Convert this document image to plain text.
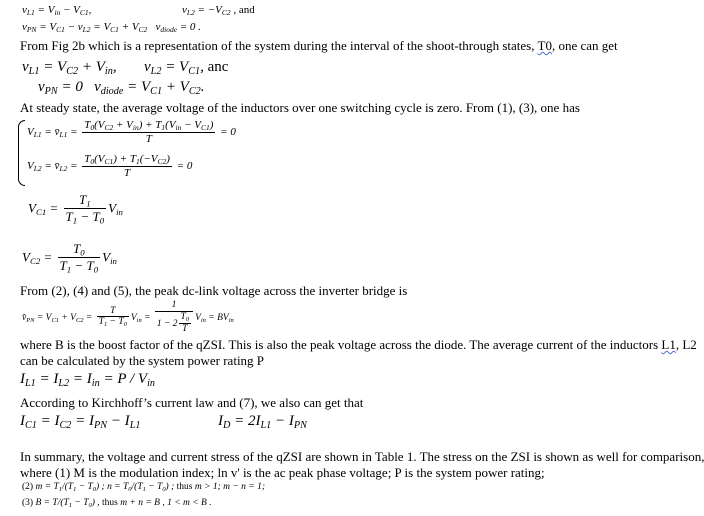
$v_{L1} = V_{in} - V_{C1}$,	$v_{L2} = -V_{C2}$ , and
$v_{PN} = V_{C1} - v_{L2} = V_{C1} + V_{C2}$   $v_{diode} = 0$ .
From Fig 2b which is a representation of the system during the interval of the shoot-through states, T0, one can get
$v_{L1} = V_{C2} + V_{in}$, $v_{L2} = V_{C1}$, anc
$v_{PN} = 0$   $v_{diode} = V_{C1} + V_{C2}$.
At steady state, the average voltage of the inductors over one switching cycle is zero. From (1), (3), one has
$V_{L1}$ = $v̄_{L1} = \frac{T_0(V_{C2} + V_{in}) + T_1(V_{in} - V_{C1})}{T} = 0$
$V_{L2}$ = $v̄_{L2} = \frac{T_0(V_{C1}) + T_1(-V_{C2})}{T} = 0$
$V_{C1} = \frac{T_1}{T_1 - T_0} V_{in}$
$V_{C2} = \frac{T_0}{T_1 - T_0} V_{in}$
From (2), (4) and (5), the peak dc-link voltage across the inverter bridge is
$v̂_{PN} = V_{C1} + V_{C2} = \frac{T}{T_1 - T_0} V_{in} = \frac{1}{1 - 2 \frac{T_0}{T}} V_{in} = BV_{in}$
where B is the boost factor of the qZSI. This is also the peak voltage across the diode. The average current of the inductors L1, L2
can be calculated by the system power rating P
$I_{L1} = I_{L2} = I_{in} = P / V_{in}$
According to Kirchhoff’s current law and (7), we also can get that
$I_{C1} = I_{C2} = I_{PN} - I_{L1}$	$I_D = 2I_{L1} - I_{PN}$
In summary, the voltage and current stress of the qZSI are shown in Table 1. The stress on the ZSI is shown as well for comparison,
where (1) M is the modulation index; ln v' is the ac peak phase voltage; P is the system power rating;
(2) $m = T_1/(T_1 - T_0)$ ; $n = T_0/(T_1 - T_0)$ ; thus m > 1; m − n = 1;
(3) $B = T/(T_1 - T_0)$ , thus m + n = B , 1 < m < B .
